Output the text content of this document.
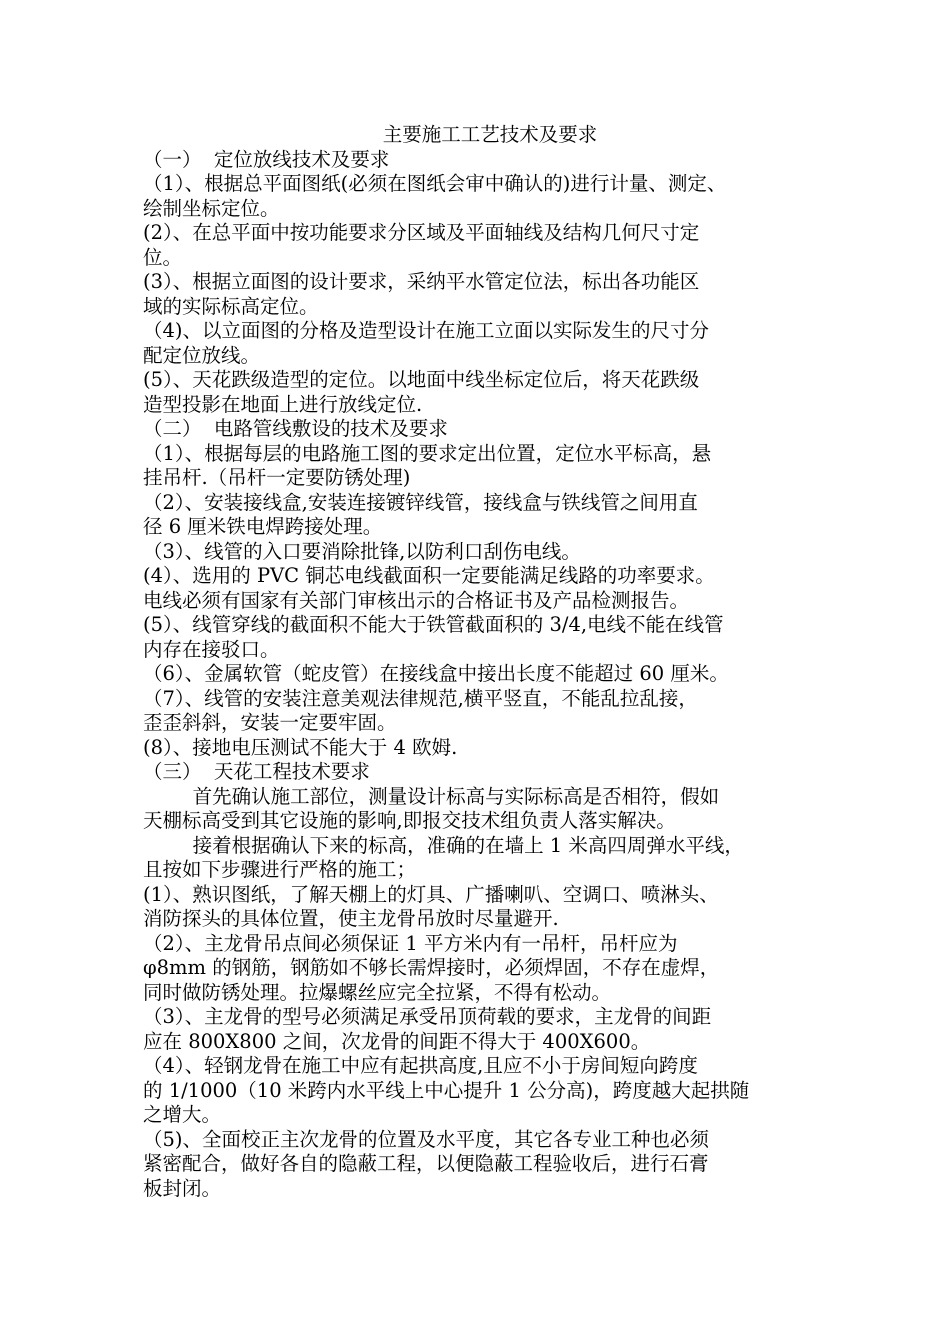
主要施工工艺技术及要求

（一）  定位放线技术及要求

（1）、根据总平面图纸(必须在图纸会审中确认的)进行计量、测定、

绘制坐标定位。

(2）、在总平面中按功能要求分区域及平面轴线及结构几何尺寸定

位。

(3）、根据立面图的设计要求，采纳平水管定位法，标出各功能区

域的实际标高定位。

（4)、以立面图的分格及造型设计在施工立面以实际发生的尺寸分

配定位放线。

(5）、天花跌级造型的定位。以地面中线坐标定位后，将天花跌级

造型投影在地面上进行放线定位.

（二）  电路管线敷设的技术及要求

（1）、根据每层的电路施工图的要求定出位置，定位水平标高，悬

挂吊杆.（吊杆一定要防锈处理)

（2）、安装接线盒,安装连接镀锌线管，接线盒与铁线管之间用直

径 6 厘米铁电焊跨接处理。

（3）、线管的入口要消除批锋,以防利口刮伤电线。

(4）、选用的 PVC 铜芯电线截面积一定要能满足线路的功率要求。

电线必须有国家有关部门审核出示的合格证书及产品检测报告。

(5）、线管穿线的截面积不能大于铁管截面积的 3/4,电线不能在线管

内存在接驳口。

（6）、金属软管（蛇皮管）在接线盒中接出长度不能超过 60 厘米。

（7）、线管的安装注意美观法律规范,横平竖直，不能乱拉乱接，

歪歪斜斜，安装一定要牢固。

(8）、接地电压测试不能大于 4 欧姆.

（三）  天花工程技术要求

首先确认施工部位，测量设计标高与实际标高是否相符，假如

天棚标高受到其它设施的影响,即报交技术组负责人落实解决。

接着根据确认下来的标高，准确的在墙上 1 米高四周弹水平线，

且按如下步骤进行严格的施工；

(1）、熟识图纸，了解天棚上的灯具、广播喇叭、空调口、喷淋头、

消防探头的具体位置，使主龙骨吊放时尽量避开.

（2）、主龙骨吊点间必须保证 1 平方米内有一吊杆，吊杆应为

φ8mm 的钢筋，钢筋如不够长需焊接时，必须焊固，不存在虚焊，

同时做防锈处理。拉爆螺丝应完全拉紧，不得有松动。

（3）、主龙骨的型号必须满足承受吊顶荷载的要求，主龙骨的间距

应在 800X800 之间，次龙骨的间距不得大于 400X600。

（4）、轻钢龙骨在施工中应有起拱高度,且应不小于房间短向跨度

的 1/1000（10 米跨内水平线上中心提升 1 公分高)，跨度越大起拱随

之增大。

（5)、全面校正主次龙骨的位置及水平度，其它各专业工种也必须

紧密配合，做好各自的隐蔽工程，以便隐蔽工程验收后，进行石膏

板封闭。
